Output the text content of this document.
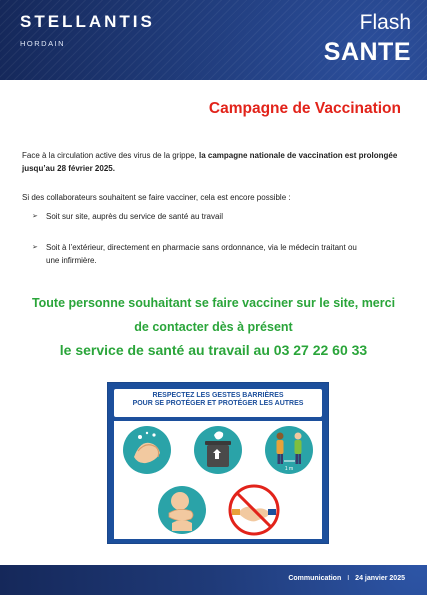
STELLANTIS
HORDAIN
Flash
SANTE
Campagne de Vaccination
Face à la circulation active des virus de la grippe, la campagne nationale de vaccination est prolongée jusqu’au 28 février 2025.
Si des collaborateurs souhaitent se faire vacciner, cela est encore possible :
➢	Soit sur site, auprès du service de santé au travail
➢	Soit à l’extérieur, directement en pharmacie sans ordonnance, via le médecin traitant ou une infirmière.
Toute personne souhaitant se faire vacciner sur le site, merci
de contacter dès à présent
le service de santé au travail au 03 27 22 60 33
RESPECTEZ LES GESTES BARRIÈRES
POUR SE PROTÉGER ET PROTÉGER LES AUTRES
1 m
Communication I 24 janvier 2025
